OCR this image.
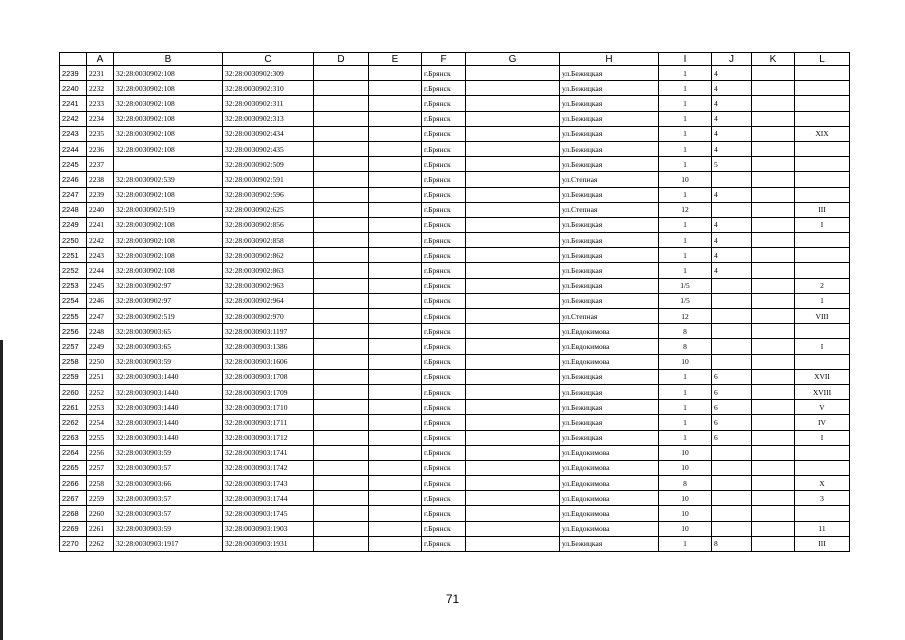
	A	B	C	D	E	F	G	H	I	J	K	L
2239	2231	32:28:0030902:108	32:28:0030902:309			г.Брянск		ул.Бежицкая	1	4		
2240	2232	32:28:0030902:108	32:28:0030902:310			г.Брянск		ул.Бежицкая	1	4		
2241	2233	32:28:0030902:108	32:28:0030902:311			г.Брянск		ул.Бежицкая	1	4		
2242	2234	32:28:0030902:108	32:28:0030902:313			г.Брянск		ул.Бежицкая	1	4		
2243	2235	32:28:0030902:108	32:28:0030902:434			г.Брянск		ул.Бежицкая	1	4		XIX
2244	2236	32:28:0030902:108	32:28:0030902:435			г.Брянск		ул.Бежицкая	1	4		
2245	2237		32:28:0030902:509			г.Брянск		ул.Бежицкая	1	5		
2246	2238	32:28:0030902:539	32:28:0030902:591			г.Брянск		ул.Степная	10			
2247	2239	32:28:0030902:108	32:28:0030902:596			г.Брянск		ул.Бежицкая	1	4		
2248	2240	32:28:0030902:519	32:28:0030902:625			г.Брянск		ул.Степная	12			III
2249	2241	32:28:0030902:108	32:28:0030902:856			г.Брянск		ул.Бежицкая	1	4		I
2250	2242	32:28:0030902:108	32:28:0030902:858			г.Брянск		ул.Бежицкая	1	4		
2251	2243	32:28:0030902:108	32:28:0030902:862			г.Брянск		ул.Бежицкая	1	4		
2252	2244	32:28:0030902:108	32:28:0030902:863			г.Брянск		ул.Бежицкая	1	4		
2253	2245	32:28:0030902:97	32:28:0030902:963			г.Брянск		ул.Бежицкая	1/5			2
2254	2246	32:28:0030902:97	32:28:0030902:964			г.Брянск		ул.Бежицкая	1/5			1
2255	2247	32:28:0030902:519	32:28:0030902:970			г.Брянск		ул.Степная	12			VIII
2256	2248	32:28:0030903:65	32:28:0030903:1197			г.Брянск		ул.Евдокимова	8			
2257	2249	32:28:0030903:65	32:28:0030903:1386			г.Брянск		ул.Евдокимова	8			I
2258	2250	32:28:0030903:59	32:28:0030903:1606			г.Брянск		ул.Евдокимова	10			
2259	2251	32:28:0030903:1440	32:28:0030903:1708			г.Брянск		ул.Бежицкая	1	6		XVII
2260	2252	32:28:0030903:1440	32:28:0030903:1709			г.Брянск		ул.Бежицкая	1	6		XVIII
2261	2253	32:28:0030903:1440	32:28:0030903:1710			г.Брянск		ул.Бежицкая	1	6		V
2262	2254	32:28:0030903:1440	32:28:0030903:1711			г.Брянск		ул.Бежицкая	1	6		IV
2263	2255	32:28:0030903:1440	32:28:0030903:1712			г.Брянск		ул.Бежицкая	1	6		I
2264	2256	32:28:0030903:59	32:28:0030903:1741			г.Брянск		ул.Евдокимова	10			
2265	2257	32:28:0030903:57	32:28:0030903:1742			г.Брянск		ул.Евдокимова	10			
2266	2258	32:28:0030903:66	32:28:0030903:1743			г.Брянск		ул.Евдокимова	8			X
2267	2259	32:28:0030903:57	32:28:0030903:1744			г.Брянск		ул.Евдокимова	10			3
2268	2260	32:28:0030903:57	32:28:0030903:1745			г.Брянск		ул.Евдокимова	10			
2269	2261	32:28:0030903:59	32:28:0030903:1903			г.Брянск		ул.Евдокимова	10			11
2270	2262	32:28:0030903:1917	32:28:0030903:1931			г.Брянск		ул.Бежицкая	1	8		III
71
